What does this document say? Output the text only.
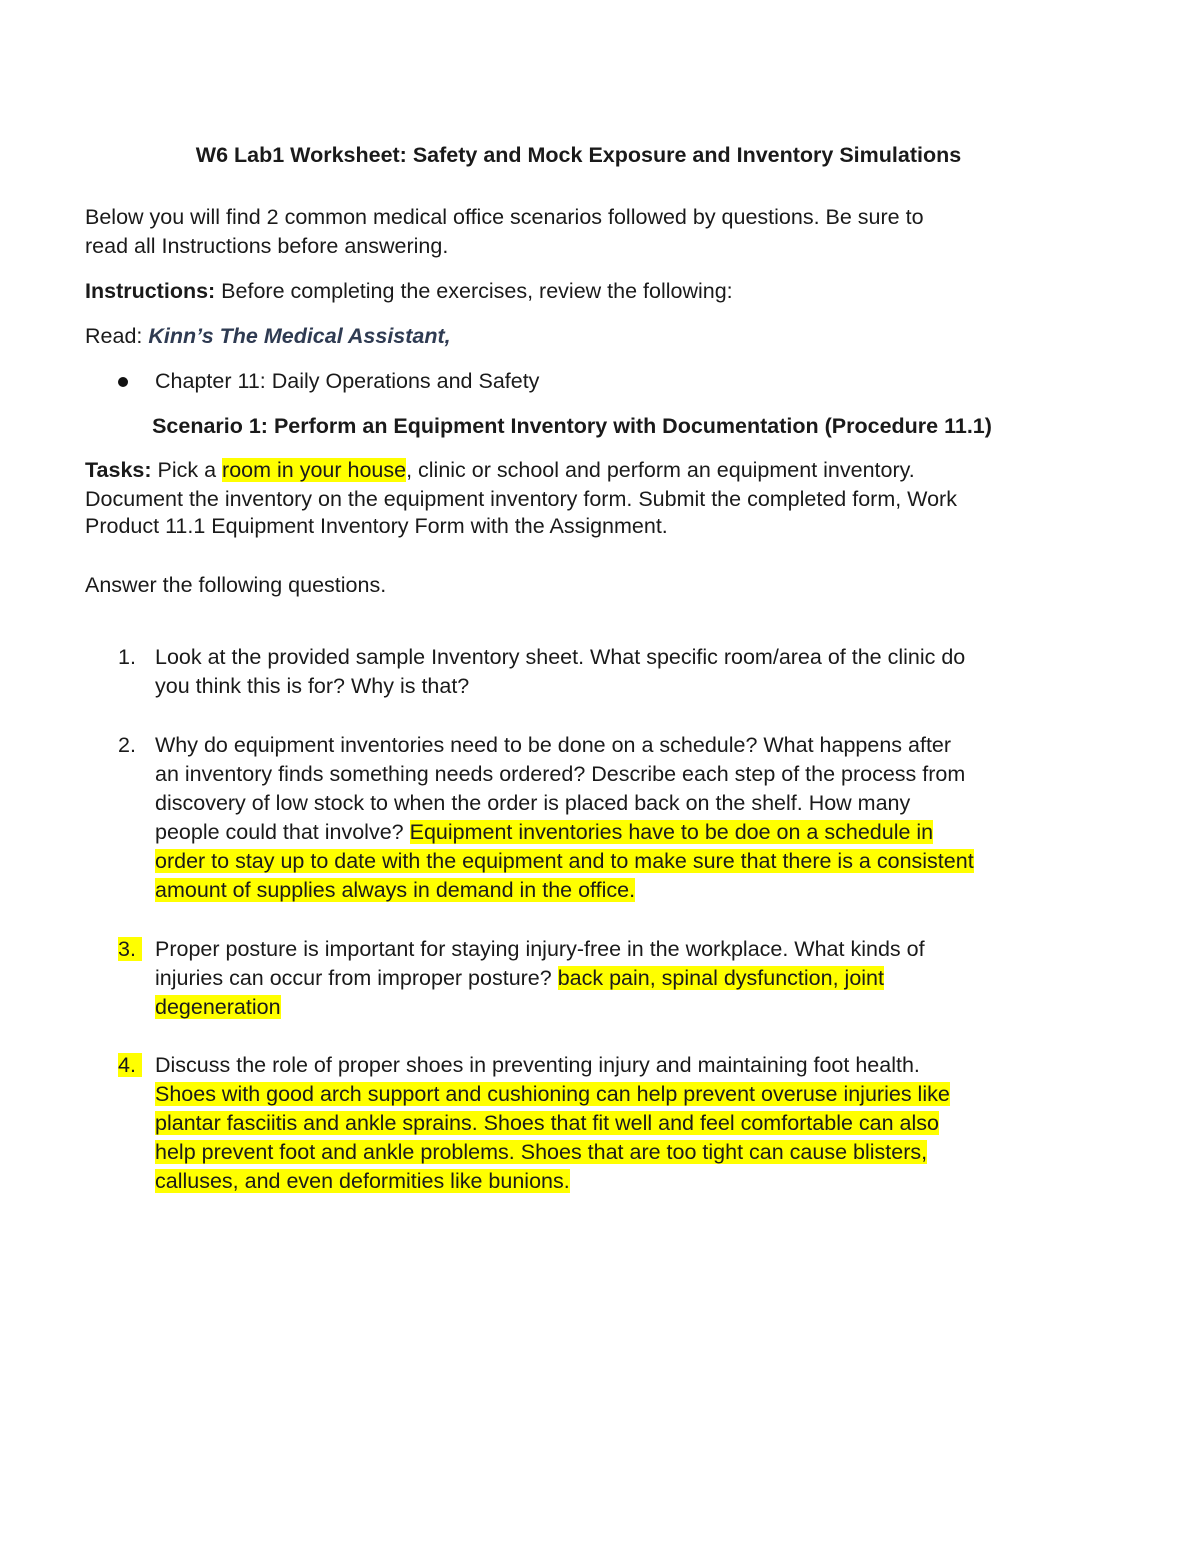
W6 Lab1 Worksheet: Safety and Mock Exposure and Inventory Simulations
Below you will find 2 common medical office scenarios followed by questions. Be sure to
read all Instructions before answering.
Instructions: Before completing the exercises, review the following:
Read: Kinn’s The Medical Assistant,
Chapter 11: Daily Operations and Safety
Scenario 1: Perform an Equipment Inventory with Documentation (Procedure 11.1)
Tasks: Pick a room in your house, clinic or school and perform an equipment inventory.
Document the inventory on the equipment inventory form. Submit the completed form, Work
Product 11.1 Equipment Inventory Form with the Assignment.
Answer the following questions.
1. Look at the provided sample Inventory sheet. What specific room/area of the clinic do
you think this is for? Why is that?
2. Why do equipment inventories need to be done on a schedule? What happens after
an inventory finds something needs ordered? Describe each step of the process from
discovery of low stock to when the order is placed back on the shelf. How many
people could that involve? Equipment inventories have to be doe on a schedule in
order to stay up to date with the equipment and to make sure that there is a consistent
amount of supplies always in demand in the office.
3. Proper posture is important for staying injury-free in the workplace. What kinds of
injuries can occur from improper posture? back pain, spinal dysfunction, joint
degeneration
4. Discuss the role of proper shoes in preventing injury and maintaining foot health.
Shoes with good arch support and cushioning can help prevent overuse injuries like
plantar fasciitis and ankle sprains. Shoes that fit well and feel comfortable can also
help prevent foot and ankle problems. Shoes that are too tight can cause blisters,
calluses, and even deformities like bunions.
